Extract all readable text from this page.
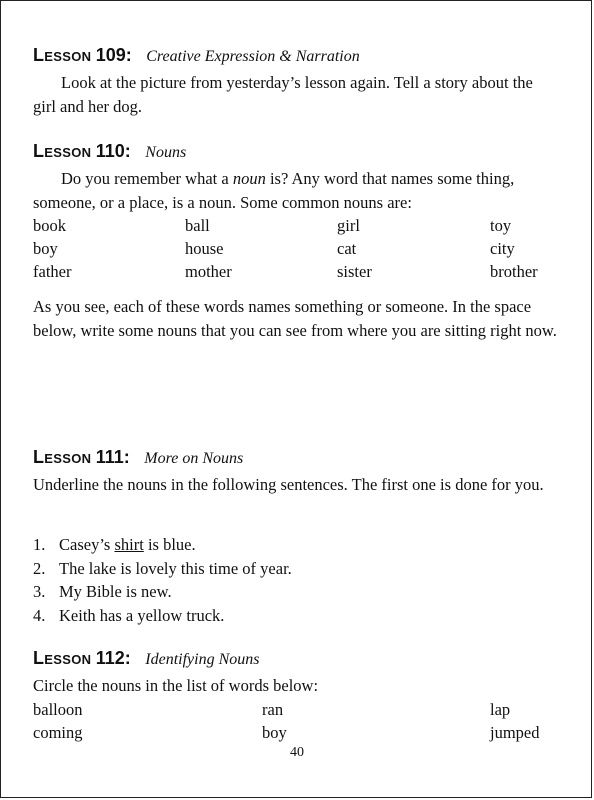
Lesson 109: Creative Expression & Narration
Look at the picture from yesterday’s lesson again. Tell a story about the girl and her dog.
Lesson 110: Nouns
Do you remember what a noun is? Any word that names some thing, someone, or a place, is a noun. Some common nouns are:
book	ball	girl	toy
boy	house	cat	city
father	mother	sister	brother
As you see, each of these words names something or someone. In the space below, write some nouns that you can see from where you are sitting right now.
Lesson 111: More on Nouns
Underline the nouns in the following sentences. The first one is done for you.
1. Casey’s shirt is blue.
2. The lake is lovely this time of year.
3. My Bible is new.
4. Keith has a yellow truck.
Lesson 112: Identifying Nouns
Circle the nouns in the list of words below:
balloon	ran	lap
coming	boy	jumped
40
